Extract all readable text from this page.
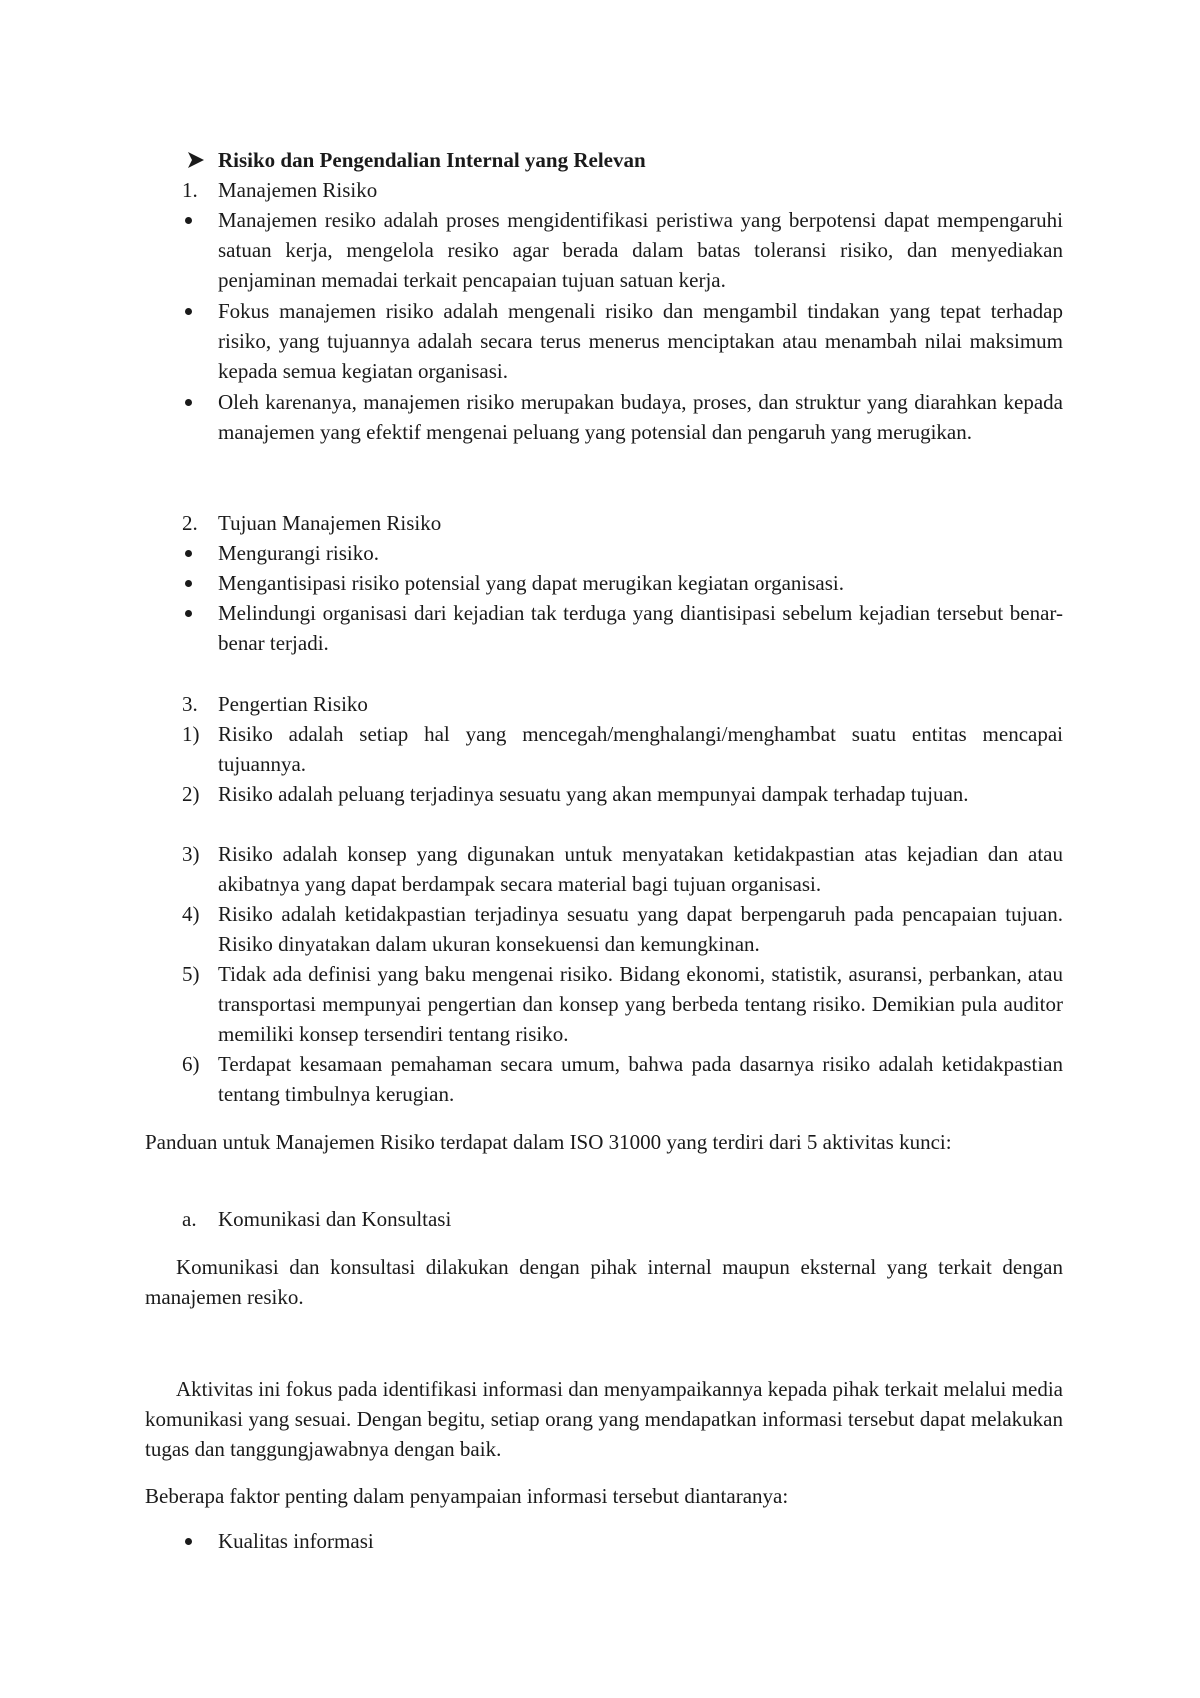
Risiko dan Pengendalian Internal yang Relevan
1. Manajemen Risiko
Manajemen resiko adalah proses mengidentifikasi peristiwa yang berpotensi dapat mempengaruhi satuan kerja, mengelola resiko agar berada dalam batas toleransi risiko, dan menyediakan penjaminan memadai terkait pencapaian tujuan satuan kerja.
Fokus manajemen risiko adalah mengenali risiko dan mengambil tindakan yang tepat terhadap risiko, yang tujuannya adalah secara terus menerus menciptakan atau menambah nilai maksimum kepada semua kegiatan organisasi.
Oleh karenanya, manajemen risiko merupakan budaya, proses, dan struktur yang diarahkan kepada manajemen yang efektif mengenai peluang yang potensial dan pengaruh yang merugikan.
2. Tujuan Manajemen Risiko
Mengurangi risiko.
Mengantisipasi risiko potensial yang dapat merugikan kegiatan organisasi.
Melindungi organisasi dari kejadian tak terduga yang diantisipasi sebelum kejadian tersebut benar-benar terjadi.
3. Pengertian Risiko
1) Risiko adalah setiap hal yang mencegah/menghalangi/menghambat suatu entitas mencapai tujuannya.
2) Risiko adalah peluang terjadinya sesuatu yang akan mempunyai dampak terhadap tujuan.
3) Risiko adalah konsep yang digunakan untuk menyatakan ketidakpastian atas kejadian dan atau akibatnya yang dapat berdampak secara material bagi tujuan organisasi.
4) Risiko adalah ketidakpastian terjadinya sesuatu yang dapat berpengaruh pada pencapaian tujuan. Risiko dinyatakan dalam ukuran konsekuensi dan kemungkinan.
5) Tidak ada definisi yang baku mengenai risiko. Bidang ekonomi, statistik, asuransi, perbankan, atau transportasi mempunyai pengertian dan konsep yang berbeda tentang risiko. Demikian pula auditor memiliki konsep tersendiri tentang risiko.
6) Terdapat kesamaan pemahaman secara umum, bahwa pada dasarnya risiko adalah ketidakpastian tentang timbulnya kerugian.
Panduan untuk Manajemen Risiko terdapat dalam ISO 31000 yang terdiri dari 5 aktivitas kunci:
a. Komunikasi dan Konsultasi
Komunikasi dan konsultasi dilakukan dengan pihak internal maupun eksternal yang terkait dengan manajemen resiko.
Aktivitas ini fokus pada identifikasi informasi dan menyampaikannya kepada pihak terkait melalui media komunikasi yang sesuai. Dengan begitu, setiap orang yang mendapatkan informasi tersebut dapat melakukan tugas dan tanggungjawabnya dengan baik.
Beberapa faktor penting dalam penyampaian informasi tersebut diantaranya:
Kualitas informasi
